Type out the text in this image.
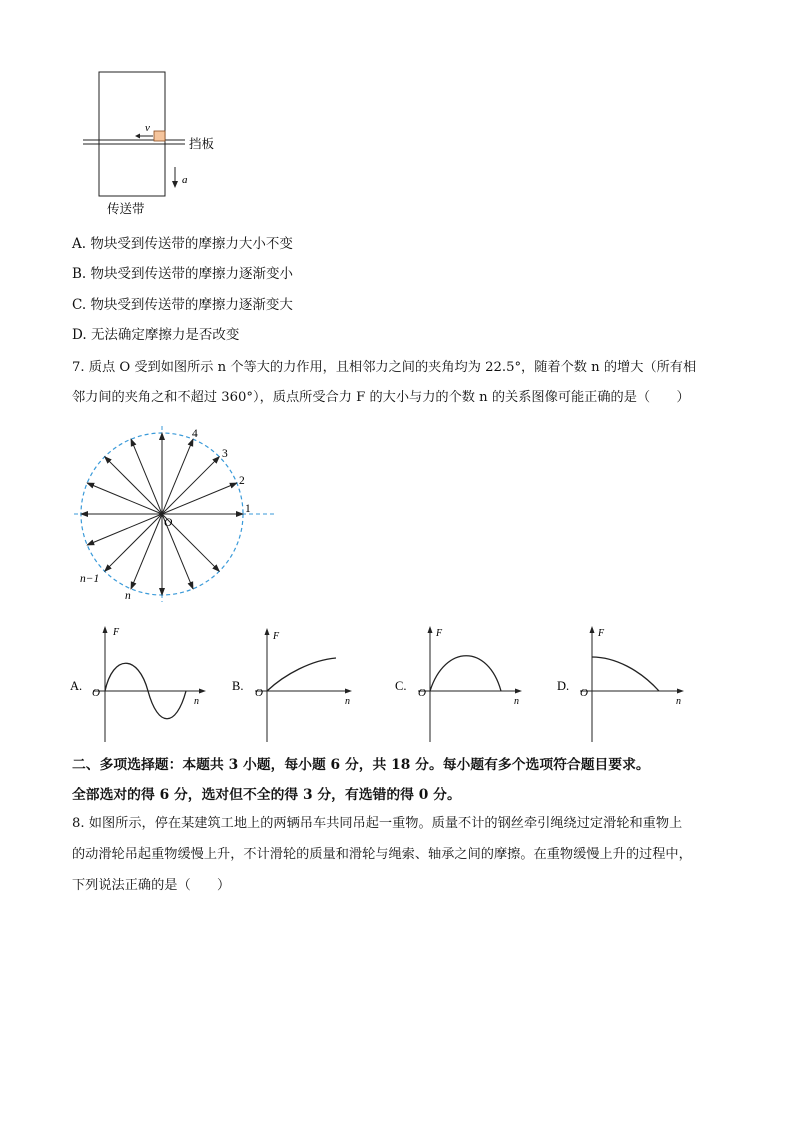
v
挡板
a
传送带
A. 物块受到传送带的摩擦力大小不变
B. 物块受到传送带的摩擦力逐渐变小
C. 物块受到传送带的摩擦力逐渐变大
D. 无法确定摩擦力是否改变
7. 质点 O 受到如图所示 n 个等大的力作用，且相邻力之间的夹角均为 22.5°，随着个数 n 的增大（所有相
邻力间的夹角之和不超过 360°），质点所受合力 F 的大小与力的个数 n 的关系图像可能正确的是（　　）
1
2
3
4
O
n−1
n
A.
F
n
O	B.
F
n
O	C.
F
n
O	D.
F
n
O
二、多项选择题：本题共 3 小题，每小题 6 分，共 18 分。每小题有多个选项符合题目要求。
全部选对的得 6 分，选对但不全的得 3 分，有选错的得 0 分。
8. 如图所示，停在某建筑工地上的两辆吊车共同吊起一重物。质量不计的钢丝牵引绳绕过定滑轮和重物上
的动滑轮吊起重物缓慢上升，不计滑轮的质量和滑轮与绳索、轴承之间的摩擦。在重物缓慢上升的过程中，
下列说法正确的是（　　）
